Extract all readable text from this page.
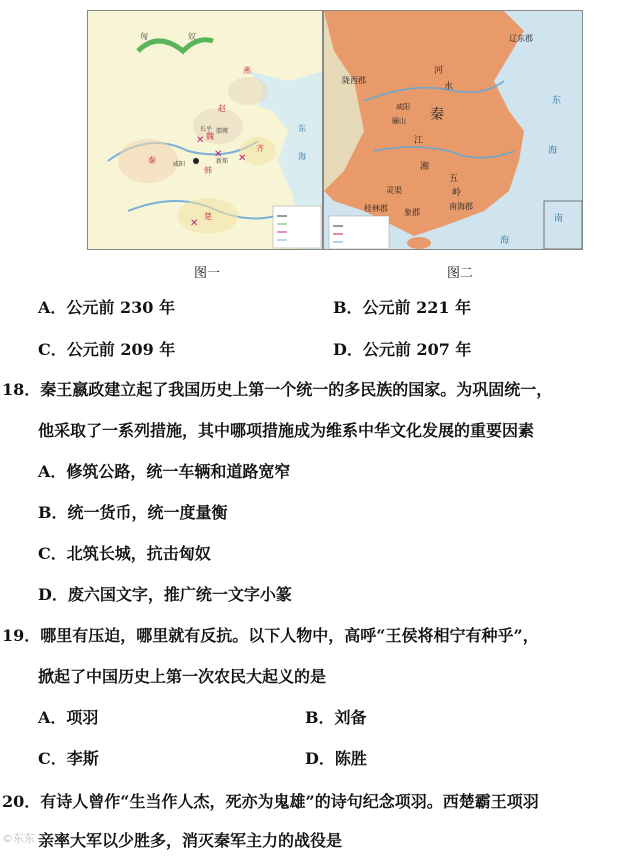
✕
✕ ✕
✕
匈	奴
燕
赵
魏
齐
韩
楚
秦
东
海
咸阳
邯郸
长平
新郑
辽东郡
陇西郡
咸阳
骊山 秦
河
水
江
湘
五
岭
灵渠
桂林郡 象郡
南海郡
东
海
南
海
图一	图二
A．公元前 230 年	B．公元前 221 年
C．公元前 209 年	D．公元前 207 年
18．秦王嬴政建立起了我国历史上第一个统一的多民族的国家。为巩固统一，
他采取了一系列措施，其中哪项措施成为维系中华文化发展的重要因素
A．修筑公路，统一车辆和道路宽窄
B．统一货币，统一度量衡
C．北筑长城，抗击匈奴
D．废六国文字，推广统一文字小篆
19．哪里有压迫，哪里就有反抗。以下人物中，高呼“王侯将相宁有种乎”，
掀起了中国历史上第一次农民大起义的是
A．项羽	B．刘备
C．李斯	D．陈胜
20．有诗人曾作“生当作人杰，死亦为鬼雄”的诗句纪念项羽。西楚霸王项羽
亲率大军以少胜多，消灭秦军主力的战役是
©东东
